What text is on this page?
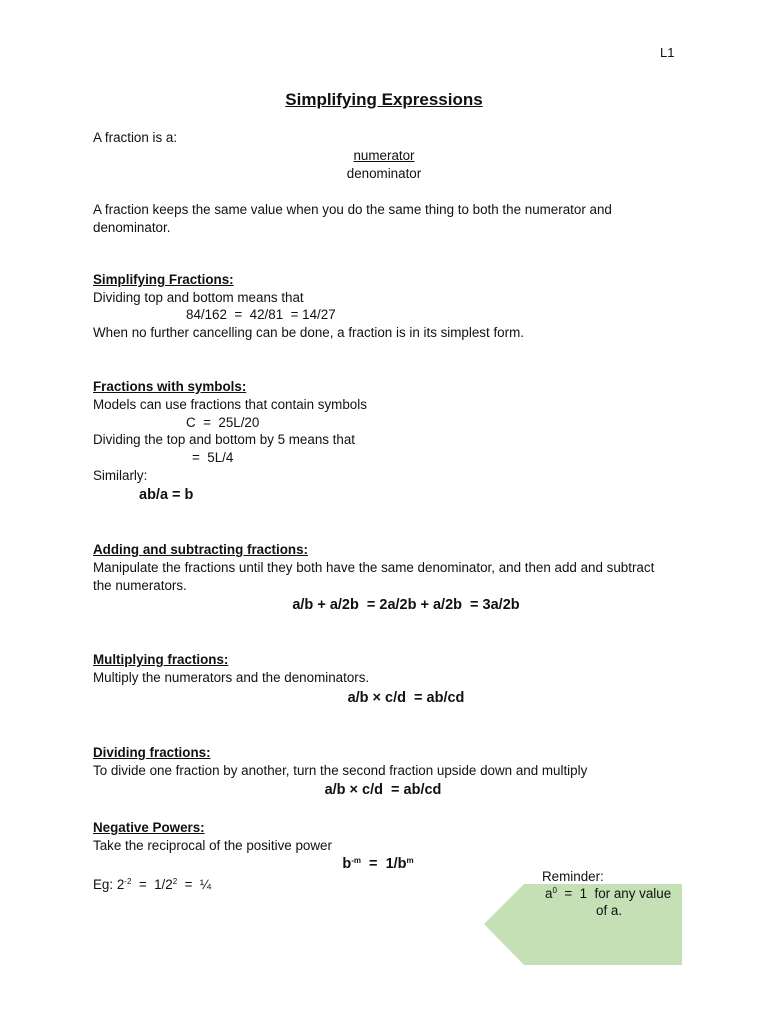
L1
Simplifying Expressions
A fraction is a:
numerator
denominator
A fraction keeps the same value when you do the same thing to both the numerator and denominator.
Simplifying Fractions:
Dividing top and bottom means that
84/162  =  42/81  = 14/27
When no further cancelling can be done, a fraction is in its simplest form.
Fractions with symbols:
Models can use fractions that contain symbols
C  =  25L/20
Dividing the top and bottom by 5 means that
=  5L/4
Similarly:
ab/a = b
Adding and subtracting fractions:
Manipulate the fractions until they both have the same denominator, and then add and subtract the numerators.
a/b + a/2b  = 2a/2b + a/2b  = 3a/2b
Multiplying fractions:
Multiply the numerators and the denominators.
a/b × c/d  = ab/cd
Dividing fractions:
To divide one fraction by another, turn the second fraction upside down and multiply
a/b × c/d  = ab/cd
Negative Powers:
Take the reciprocal of the positive power
$b^{-m} = 1/b^m$
Eg: $2^{-2} = 1/2^2$  =  ¼
Reminder:
$a^0 = 1$  for any value
of a.
